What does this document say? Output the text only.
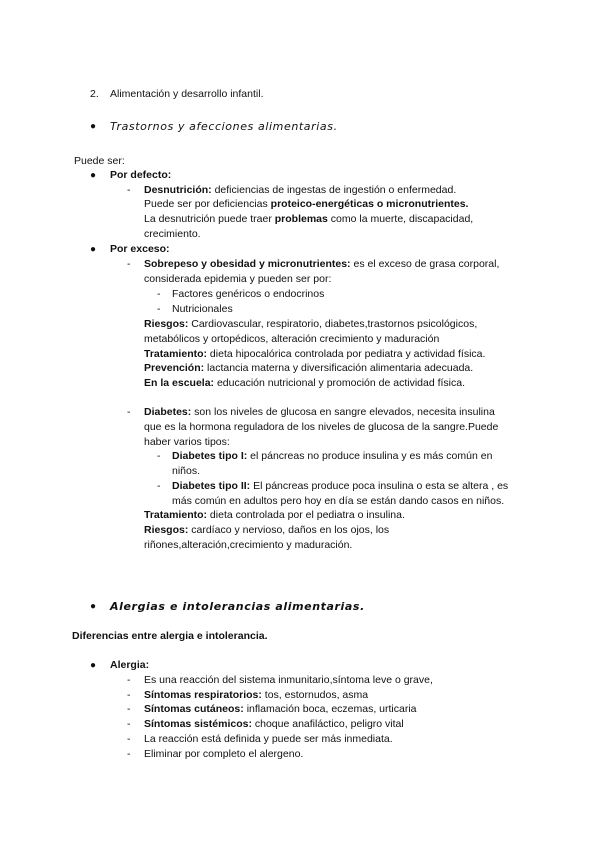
2. Alimentación y desarrollo infantil.
● Trastornos y afecciones alimentarias.
Puede ser:
● Por defecto:
- Desnutrición: deficiencias de ingestas de ingestión o enfermedad.
Puede ser por deficiencias proteico-energéticas o micronutrientes.
La desnutrición puede traer problemas como la muerte, discapacidad,
crecimiento.
● Por exceso:
- Sobrepeso y obesidad y micronutrientes: es el exceso de grasa corporal,
considerada epidemia y pueden ser por:
- Factores genéricos o endocrinos
- Nutricionales
Riesgos: Cardiovascular, respiratorio, diabetes,trastornos psicológicos,
metabólicos y ortopédicos, alteración crecimiento y maduración
Tratamiento: dieta hipocalórica controlada por pediatra y actividad física.
Prevención: lactancia materna y diversificación alimentaria adecuada.
En la escuela: educación nutricional y promoción de actividad física.
- Diabetes: son los niveles de glucosa en sangre elevados, necesita insulina
que es la hormona reguladora de los niveles de glucosa de la sangre.Puede
haber varios tipos:
- Diabetes tipo I: el páncreas no produce insulina y es más común en
niños.
- Diabetes tipo II: El páncreas produce poca insulina o esta se altera , es
más común en adultos pero hoy en día se están dando casos en niños.
Tratamiento: dieta controlada por el pediatra o insulina.
Riesgos: cardíaco y nervioso, daños en los ojos, los
riñones,alteración,crecimiento y maduración.
● Alergias e intolerancias alimentarias.
Diferencias entre alergia e intolerancia.
● Alergia:
- Es una reacción del sistema inmunitario,síntoma leve o grave,
- Síntomas respiratorios: tos, estornudos, asma
- Síntomas cutáneos: inflamación boca, eczemas, urticaria
- Síntomas sistémicos: choque anafiláctico, peligro vital
- La reacción está definida y puede ser más inmediata.
- Eliminar por completo el alergeno.
